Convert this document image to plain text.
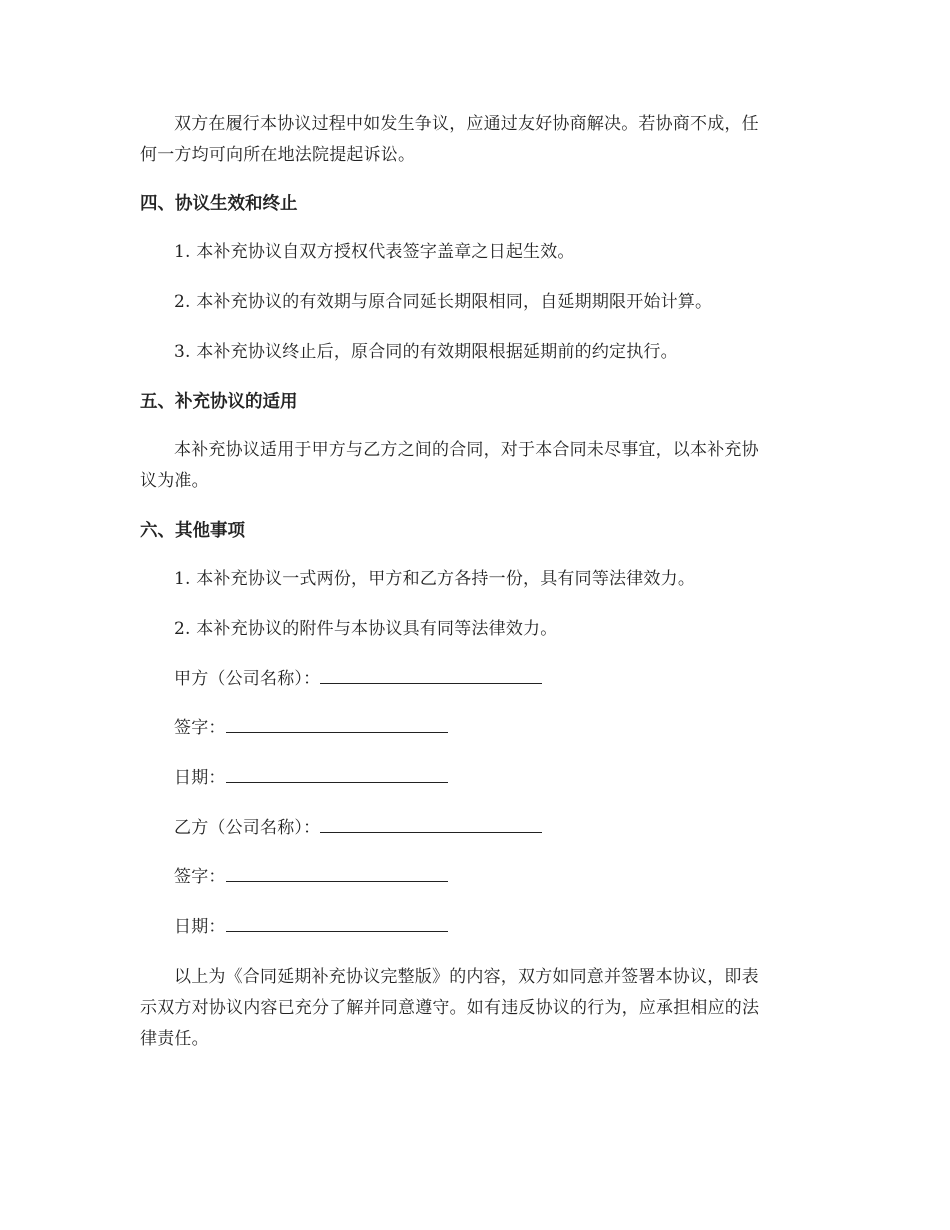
双方在履行本协议过程中如发生争议，应通过友好协商解决。若协商不成，任
何一方均可向所在地法院提起诉讼。
四、协议生效和终止
1. 本补充协议自双方授权代表签字盖章之日起生效。
2. 本补充协议的有效期与原合同延长期限相同，自延期期限开始计算。
3. 本补充协议终止后，原合同的有效期限根据延期前的约定执行。
五、补充协议的适用
本补充协议适用于甲方与乙方之间的合同，对于本合同未尽事宜，以本补充协
议为准。
六、其他事项
1. 本补充协议一式两份，甲方和乙方各持一份，具有同等法律效力。
2. 本补充协议的附件与本协议具有同等法律效力。
甲方（公司名称）：
签字：
日期：
乙方（公司名称）：
签字：
日期：
以上为《合同延期补充协议完整版》的内容，双方如同意并签署本协议，即表
示双方对协议内容已充分了解并同意遵守。如有违反协议的行为，应承担相应的法
律责任。
